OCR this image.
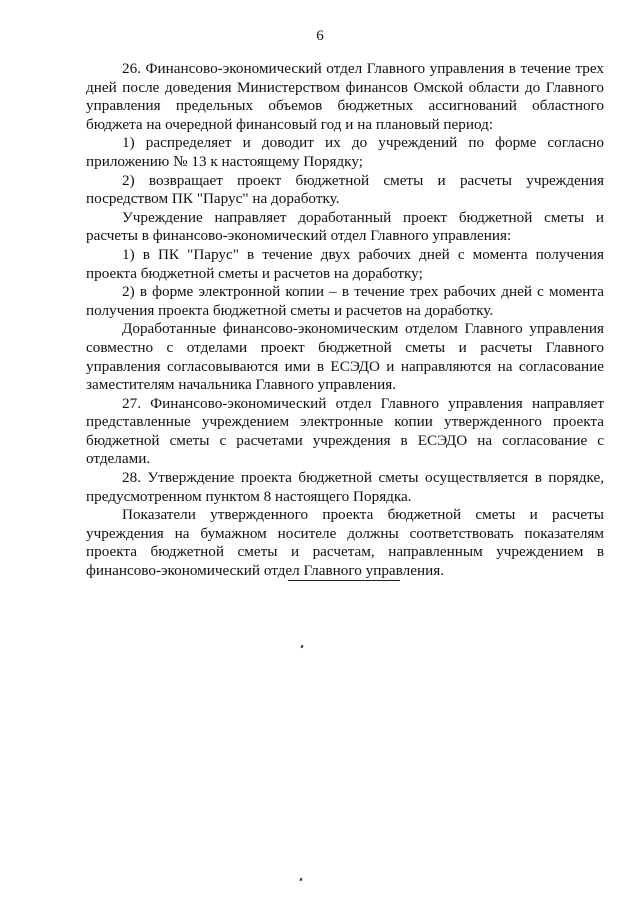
6

26. Финансово-экономический отдел Главного управления в течение трех дней после доведения Министерством финансов Омской области до Главного управления предельных объемов бюджетных ассигнований областного бюджета на очередной финансовый год и на плановый период:

1) распределяет и доводит их до учреждений по форме согласно приложению № 13 к настоящему Порядку;

2) возвращает проект бюджетной сметы и расчеты учреждения посредством ПК "Парус" на доработку.

Учреждение направляет доработанный проект бюджетной сметы и расчеты в финансово-экономический отдел Главного управления:

1) в ПК "Парус" в течение двух рабочих дней с момента получения проекта бюджетной сметы и расчетов на доработку;

2) в форме электронной копии – в течение трех рабочих дней с момента получения проекта бюджетной сметы и расчетов на доработку.

Доработанные финансово-экономическим отделом Главного управления совместно с отделами проект бюджетной сметы и расчеты Главного управления согласовываются ими в ЕСЭДО и направляются на согласование заместителям начальника Главного управления.

27. Финансово-экономический отдел Главного управления направляет представленные учреждением электронные копии утвержденного проекта бюджетной сметы с расчетами учреждения в ЕСЭДО на согласование с отделами.

28. Утверждение проекта бюджетной сметы осуществляется в порядке, предусмотренном пунктом 8 настоящего Порядка.

Показатели утвержденного проекта бюджетной сметы и расчеты учреждения на бумажном носителе должны соответствовать показателям проекта бюджетной сметы и расчетам, направленным учреждением в финансово-экономический отдел Главного управления.
